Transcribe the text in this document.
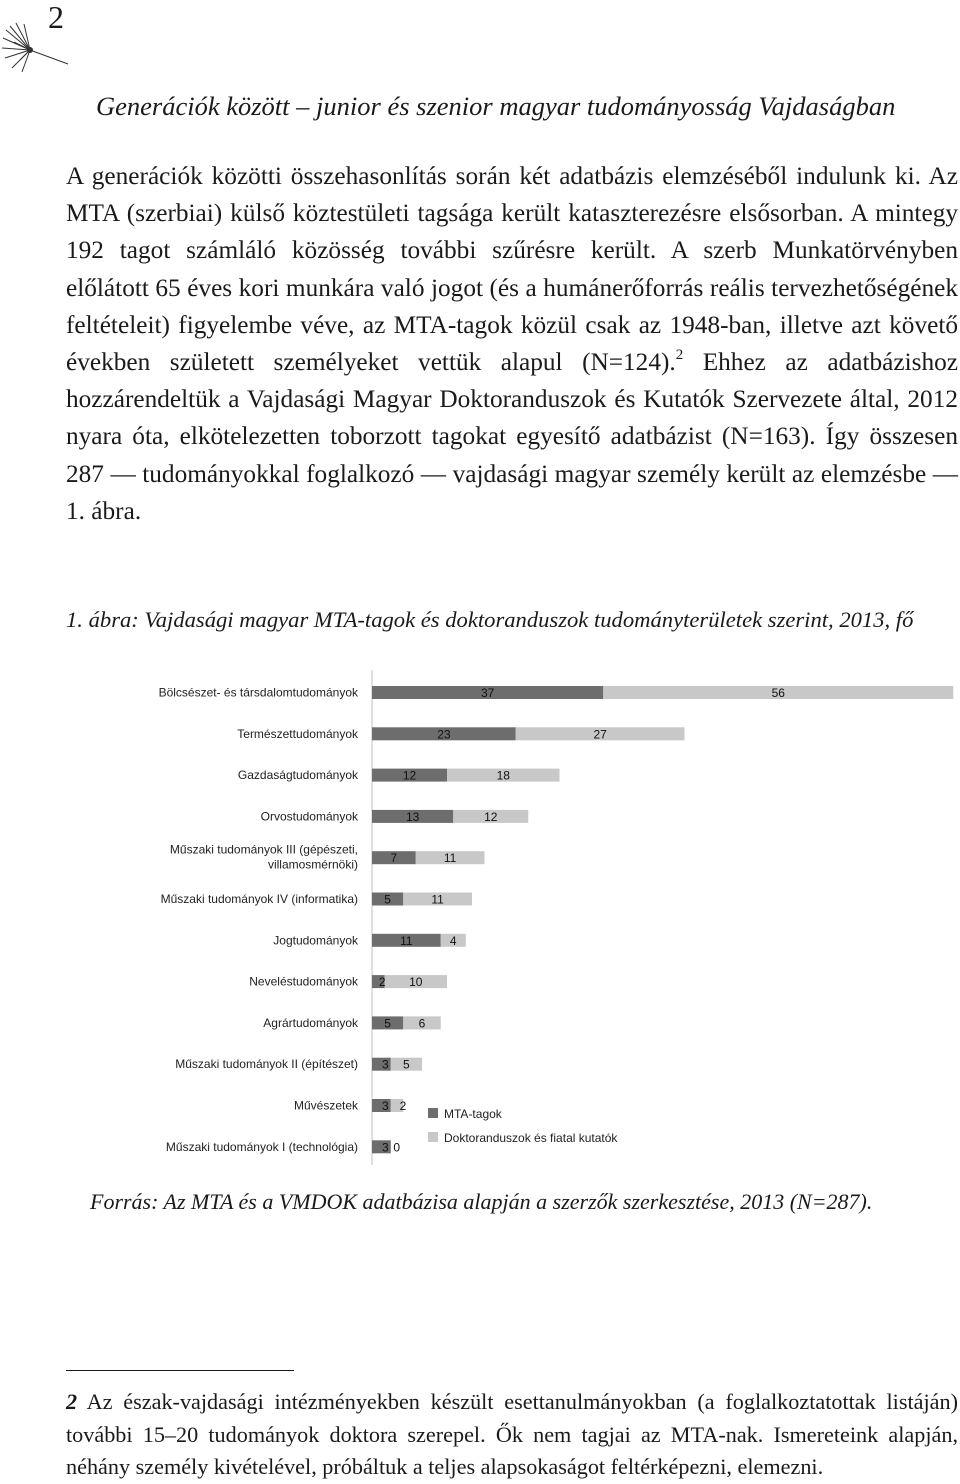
2
Generációk között – junior és szenior magyar tudományosság Vajdaságban
A generációk közötti összehasonlítás során két adatbázis elemzéséből indulunk ki. Az MTA (szerbiai) külső köztestületi tagsága került kataszterezésre elsősorban. A mintegy 192 tagot számláló közösség további szűrésre került. A szerb Munkatörvényben előlátott 65 éves kori munkára való jogot (és a humánerőforrás reális tervezhetőségének feltételeit) figyelembe véve, az MTA-tagok közül csak az 1948-ban, illetve azt követő években született személyeket vettük alapul (N=124).$^2$ Ehhez az adatbázishoz hozzárendeltük a Vajdasági Magyar Doktoranduszok és Kutatók Szervezete által, 2012 nyara óta, elkötelezetten toborzott tagokat egyesítő adatbázist (N=163). Így összesen 287 — tudományokkal foglalkozó — vajdasági magyar személy került az elemzésbe — 1. ábra.
1. ábra: Vajdasági magyar MTA-tagok és doktoranduszok tudományterületek szerint, 2013, fő
Bölcsészet- és társdalomtudományok	37	56
Természettudományok	23	27
Gazdaságtudományok	12	18
Orvostudományok	13	12
Műszaki tudományok III (gépészeti, villamosmérnöki)	7	11
Műszaki tudományok IV (informatika) 5	11
Jogtudományok	11	4
Neveléstudományok 2 10
Agrártudományok 5 6
Műszaki tudományok II (építészet) 3 5
Művészetek 3 2
Műszaki tudományok I (technológia) 3 0
MTA-tagok
Doktoranduszok és fiatal kutatók
Forrás: Az MTA és a VMDOK adatbázisa alapján a szerzők szerkesztése, 2013 (N=287).
2 Az észak-vajdasági intézményekben készült esettanulmányokban (a foglalkoztatottak listáján) további 15–20 tudományok doktora szerepel. Ők nem tagjai az MTA-nak. Ismereteink alapján, néhány személy kivételével, próbáltuk a teljes alapsokaságot feltérképezni, elemezni.
